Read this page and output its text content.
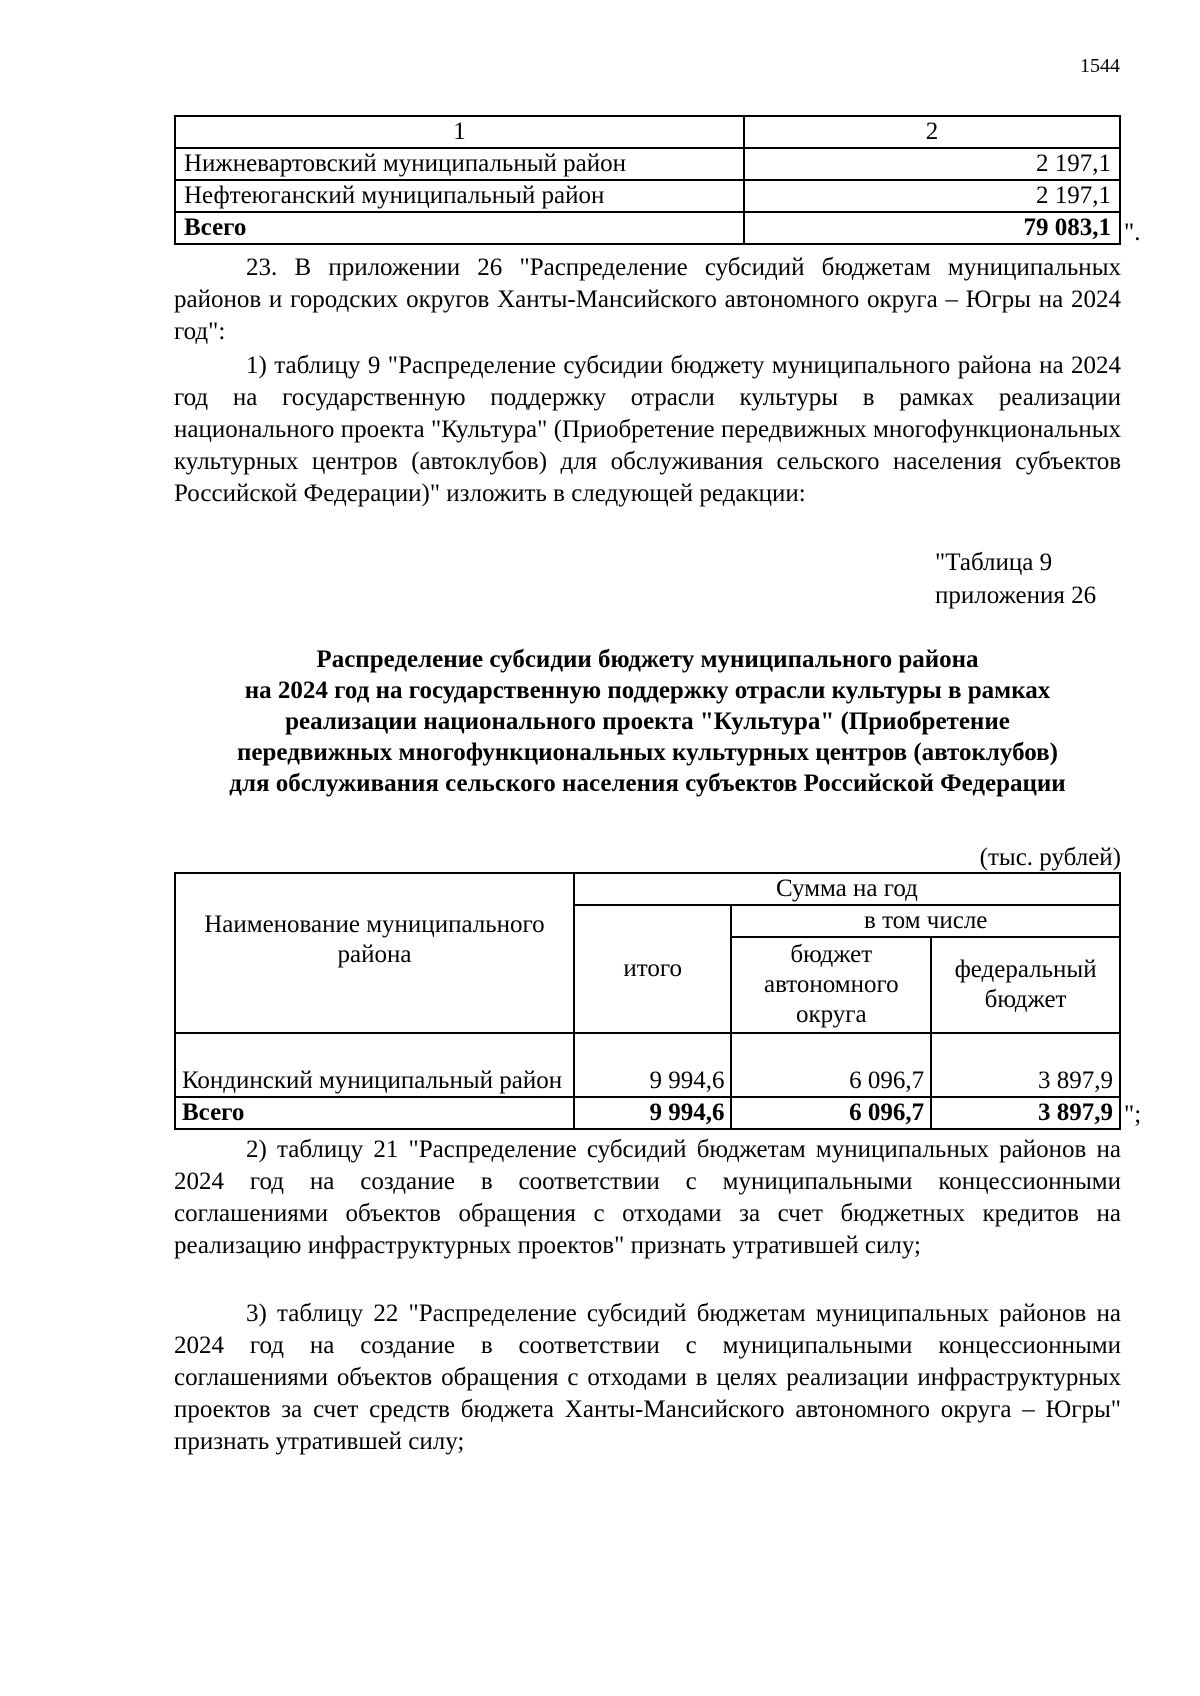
1544
1	2
Нижневартовский муниципальный район	2 197,1
Нефтеюганский муниципальный район	2 197,1
Всего	79 083,1 ".

23. В приложении 26 "Распределение субсидий бюджетам муниципальных районов и городских округов Ханты-Мансийского автономного округа – Югры на 2024 год":

1) таблицу 9 "Распределение субсидии бюджету муниципального района на 2024 год на государственную поддержку отрасли культуры в рамках реализации национального проекта "Культура" (Приобретение передвижных многофункциональных культурных центров (автоклубов) для обслуживания сельского населения субъектов Российской Федерации)" изложить в следующей редакции:

"Таблица 9
приложения 26
Распределение субсидии бюджету муниципального района
на 2024 год на государственную поддержку отрасли культуры в рамках
реализации национального проекта "Культура" (Приобретение
передвижных многофункциональных культурных центров (автоклубов)
для обслуживания сельского населения субъектов Российской Федерации
(тыс. рублей)
Наименование муниципального района	Сумма на год		
	итого	в том числе	
		бюджет автономного округа	федеральный бюджет
Кондинский муниципальный район	9 994,6	6 096,7	3 897,9
Всего	9 994,6	6 096,7	3 897,9 ";

2) таблицу 21 "Распределение субсидий бюджетам муниципальных районов на 2024 год на создание в соответствии с муниципальными концессионными соглашениями объектов обращения с отходами за счет бюджетных кредитов на реализацию инфраструктурных проектов" признать утратившей силу;

3) таблицу 22 "Распределение субсидий бюджетам муниципальных районов на 2024 год на создание в соответствии с муниципальными концессионными соглашениями объектов обращения с отходами в целях реализации инфраструктурных проектов за счет средств бюджета Ханты-Мансийского автономного округа – Югры" признать утратившей силу;
